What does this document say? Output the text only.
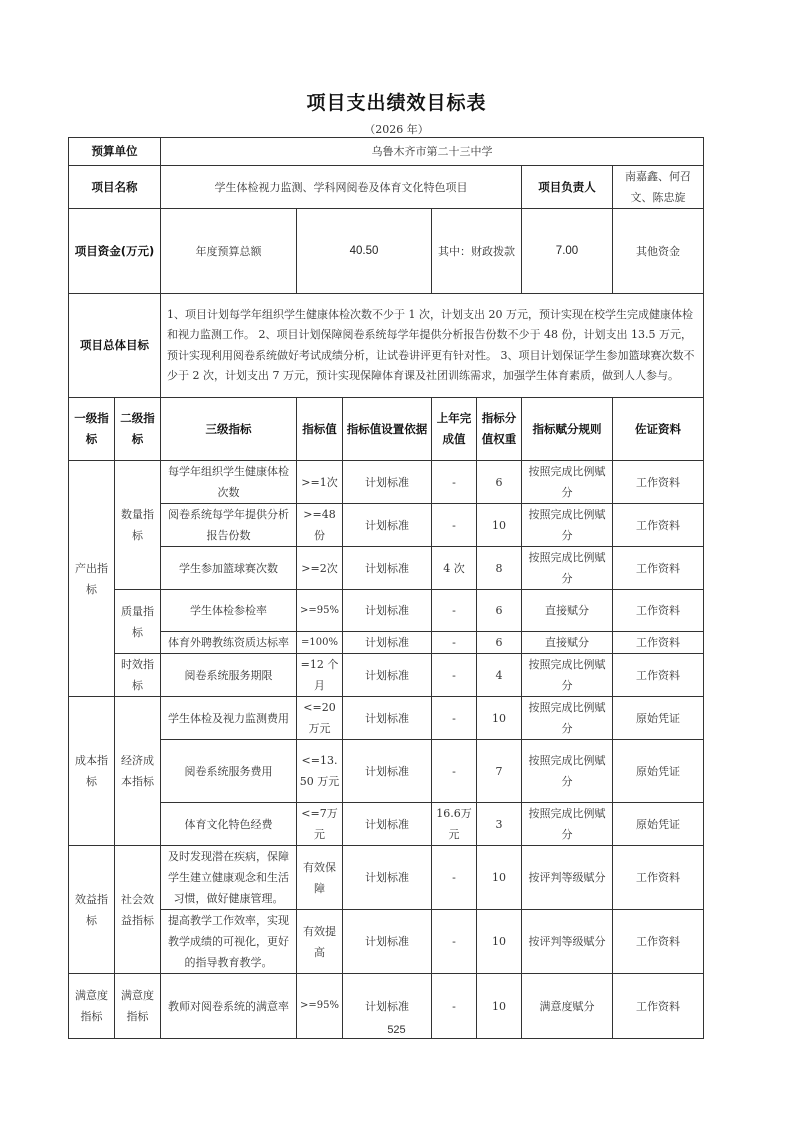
项目支出绩效目标表
（2026 年）
预算单位		乌鲁木齐市第二十三中学							
项目名称		学生体检视力监测、学科网阅卷及体育文化特色项目					项目负责人	南嘉鑫、何召文、陈忠旋	
项目资金(万元)		年度预算总额	40.50		其中：财政拨款		7.00	其他资金	
项目总体目标		1、项目计划每学年组织学生健康体检次数不少于 1 次，计划支出 20 万元，预计实现在校学生完成健康体检和视力监测工作。 2、项目计划保障阅卷系统每学年提供分析报告份数不少于 48 份，计划支出 13.5 万元，预计实现利用阅卷系统做好考试成绩分析，让试卷讲评更有针对性。 3、项目计划保证学生参加篮球赛次数不少于 2 次，计划支出 7 万元，预计实现保障体育课及社团训练需求，加强学生体育素质，做到人人参与。							
一级指标	二级指标	三级指标	指标值	指标值设置依据	上年完成值	指标分值权重	指标赋分规则	佐证资料	
产出指标	数量指标	每学年组织学生健康体检次数	>=1次	计划标准	-	6	按照完成比例赋分	工作资料	
		阅卷系统每学年提供分析报告份数	>=48份	计划标准	-	10	按照完成比例赋分	工作资料	
		学生参加篮球赛次数	>=2次	计划标准	4 次	8	按照完成比例赋分	工作资料	
	质量指标	学生体检参检率	>=95%	计划标准	-	6	直接赋分	工作资料	
		体育外聘教练资质达标率	=100%	计划标准	-	6	直接赋分	工作资料	
	时效指标	阅卷系统服务期限	=12 个月	计划标准	-	4	按照完成比例赋分	工作资料	
成本指标	经济成本指标	学生体检及视力监测费用	<=20万元	计划标准	-	10	按照完成比例赋分	原始凭证	
		阅卷系统服务费用	<=13.50 万元	计划标准	-	7	按照完成比例赋分	原始凭证	
		体育文化特色经费	<=7万元	计划标准	16.6万元	3	按照完成比例赋分	原始凭证	
效益指标	社会效益指标	及时发现潜在疾病，保障学生建立健康观念和生活习惯，做好健康管理。	有效保障	计划标准	-	10	按评判等级赋分	工作资料	
		提高教学工作效率，实现教学成绩的可视化，更好的指导教育教学。	有效提高	计划标准	-	10	按评判等级赋分	工作资料	
满意度指标	满意度指标	教师对阅卷系统的满意率	>=95%	计划标准	-	10	满意度赋分	工作资料	
525
